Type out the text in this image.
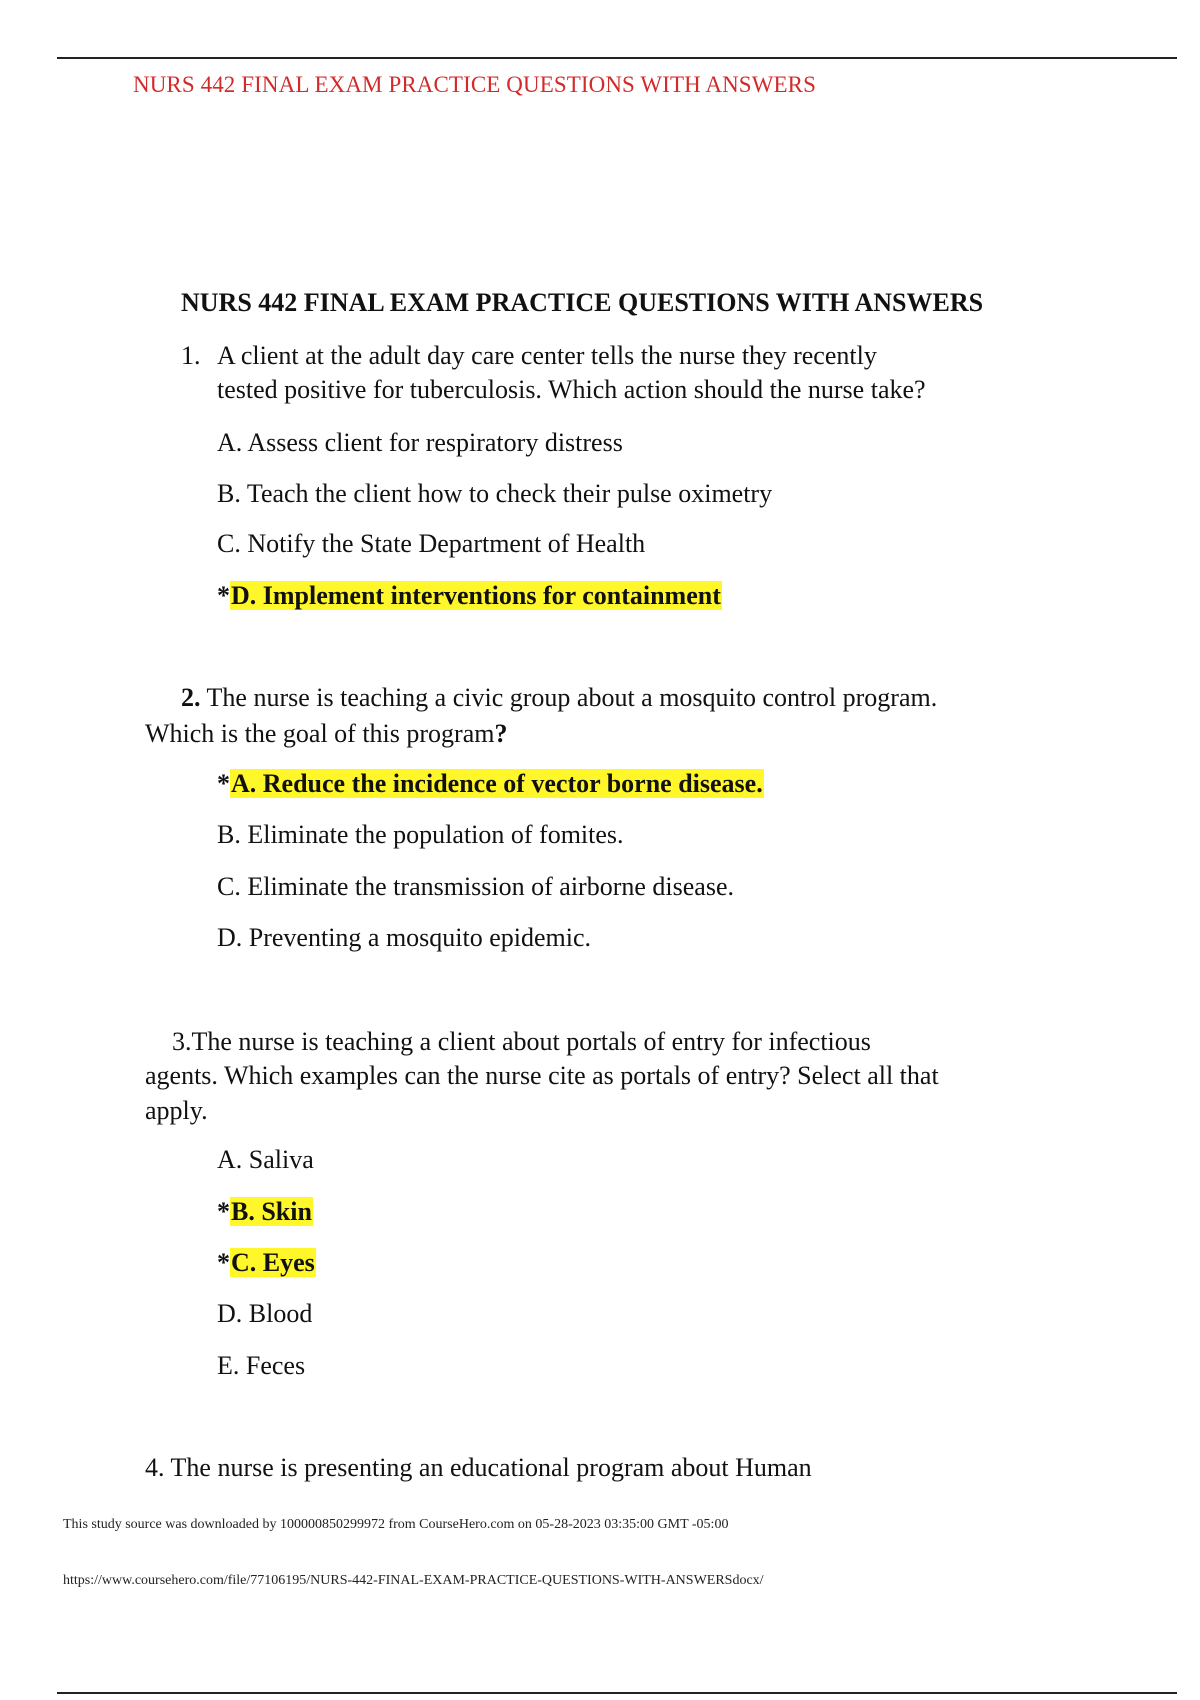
NURS 442 FINAL EXAM PRACTICE QUESTIONS WITH ANSWERS
NURS 442 FINAL EXAM PRACTICE QUESTIONS WITH ANSWERS
1. A client at the adult day care center tells the nurse they recently
tested positive for tuberculosis. Which action should the nurse take?
A. Assess client for respiratory distress
B. Teach the client how to check their pulse oximetry
C. Notify the State Department of Health
*D. Implement interventions for containment
2. The nurse is teaching a civic group about a mosquito control program.
Which is the goal of this program?
*A. Reduce the incidence of vector borne disease.
B. Eliminate the population of fomites.
C. Eliminate the transmission of airborne disease.
D. Preventing a mosquito epidemic.
3.The nurse is teaching a client about portals of entry for infectious
agents. Which examples can the nurse cite as portals of entry? Select all that
apply.
A. Saliva
*B. Skin
*C. Eyes
D. Blood
E. Feces
4. The nurse is presenting an educational program about Human
This study source was downloaded by 100000850299972 from CourseHero.com on 05-28-2023 03:35:00 GMT -05:00
https://www.coursehero.com/file/77106195/NURS-442-FINAL-EXAM-PRACTICE-QUESTIONS-WITH-ANSWERSdocx/
